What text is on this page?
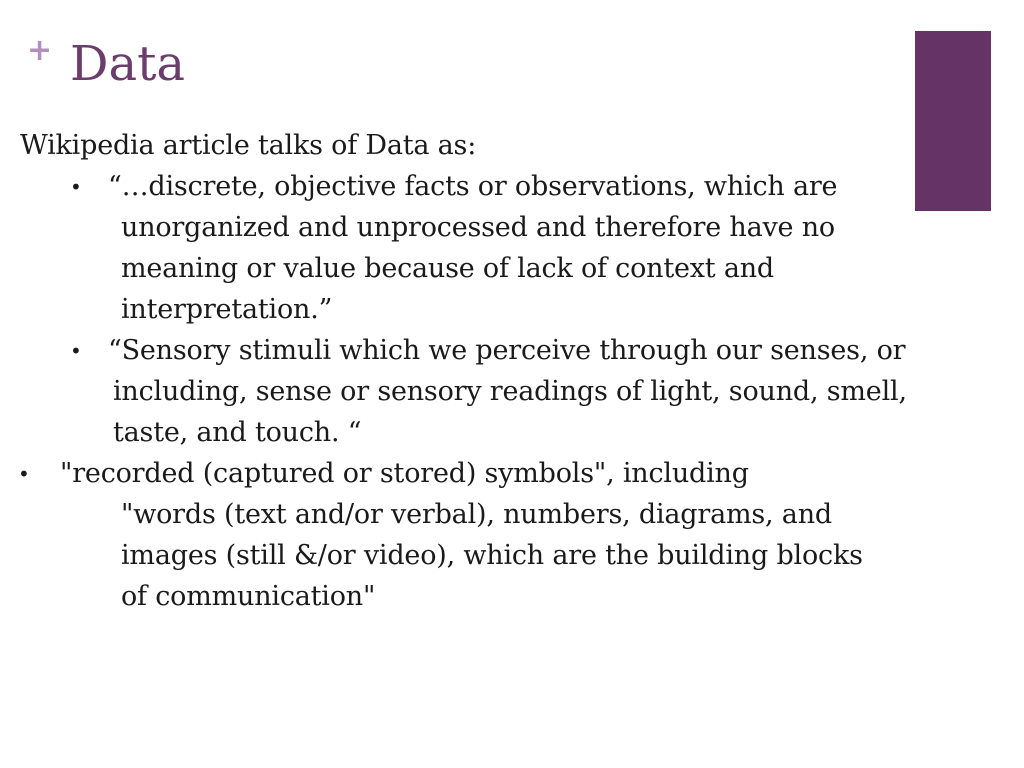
+ Data
Wikipedia article talks of Data as:
• “…discrete, objective facts or observations, which are
unorganized and unprocessed and therefore have no
meaning or value because of lack of context and
interpretation.”
• “Sensory stimuli which we perceive through our senses, or
including, sense or sensory readings of light, sound, smell,
taste, and touch. “
• "recorded (captured or stored) symbols", including
"words (text and/or verbal), numbers, diagrams, and
images (still &/or video), which are the building blocks
of communication"
